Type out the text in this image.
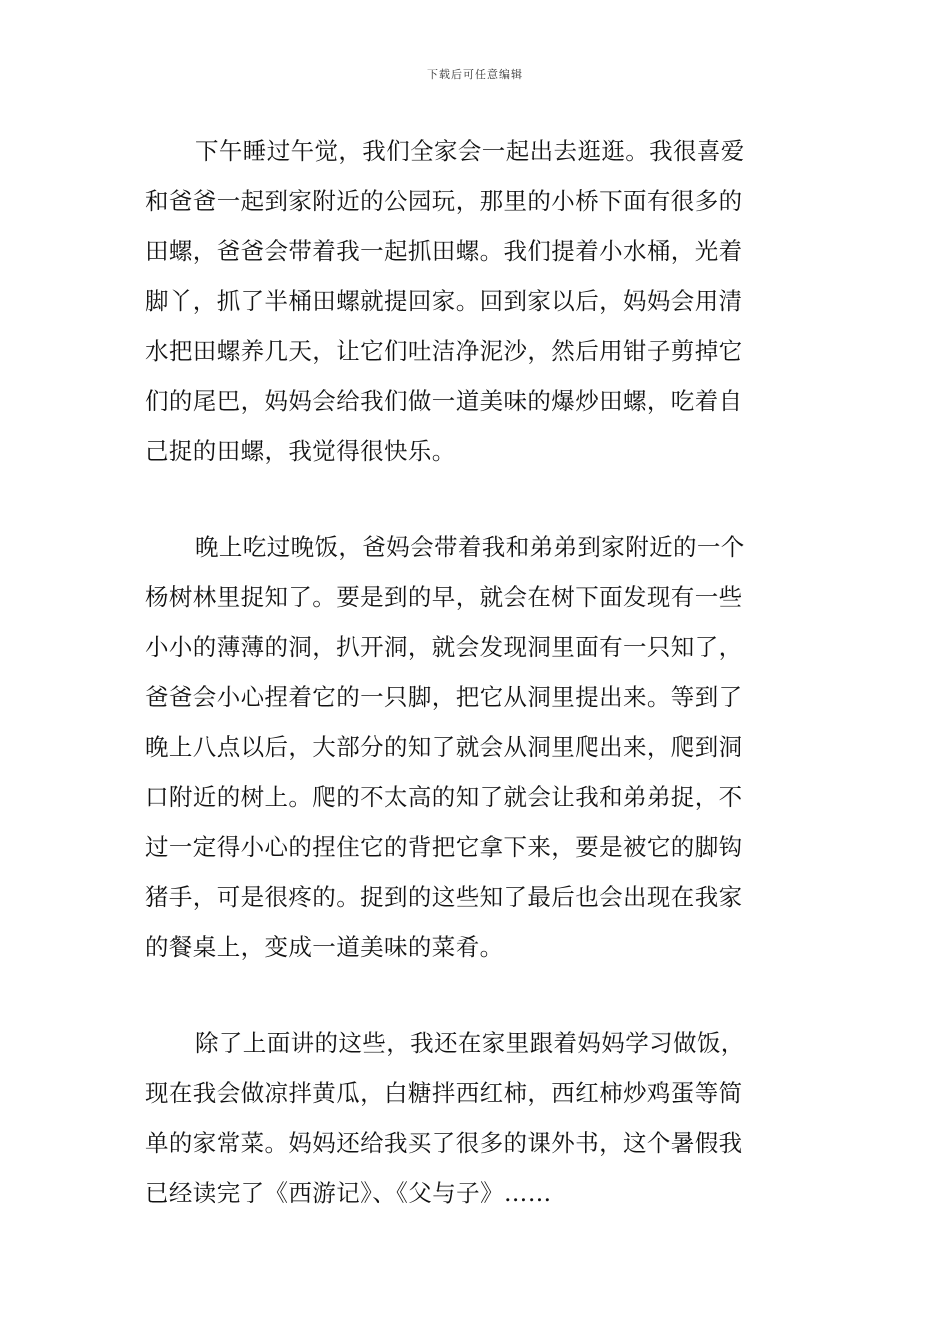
下载后可任意编辑
下午睡过午觉，我们全家会一起出去逛逛。我很喜爱
和爸爸一起到家附近的公园玩，那里的小桥下面有很多的
田螺，爸爸会带着我一起抓田螺。我们提着小水桶，光着
脚丫，抓了半桶田螺就提回家。回到家以后，妈妈会用清
水把田螺养几天，让它们吐洁净泥沙，然后用钳子剪掉它
们的尾巴，妈妈会给我们做一道美味的爆炒田螺，吃着自
己捉的田螺，我觉得很快乐。
晚上吃过晚饭，爸妈会带着我和弟弟到家附近的一个
杨树林里捉知了。要是到的早，就会在树下面发现有一些
小小的薄薄的洞，扒开洞，就会发现洞里面有一只知了，
爸爸会小心捏着它的一只脚，把它从洞里提出来。等到了
晚上八点以后，大部分的知了就会从洞里爬出来，爬到洞
口附近的树上。爬的不太高的知了就会让我和弟弟捉，不
过一定得小心的捏住它的背把它拿下来，要是被它的脚钩
猪手，可是很疼的。捉到的这些知了最后也会出现在我家
的餐桌上，变成一道美味的菜肴。
除了上面讲的这些，我还在家里跟着妈妈学习做饭，
现在我会做凉拌黄瓜，白糖拌西红柿，西红柿炒鸡蛋等简
单的家常菜。妈妈还给我买了很多的课外书，这个暑假我
已经读完了《西游记》、《父与子》……
